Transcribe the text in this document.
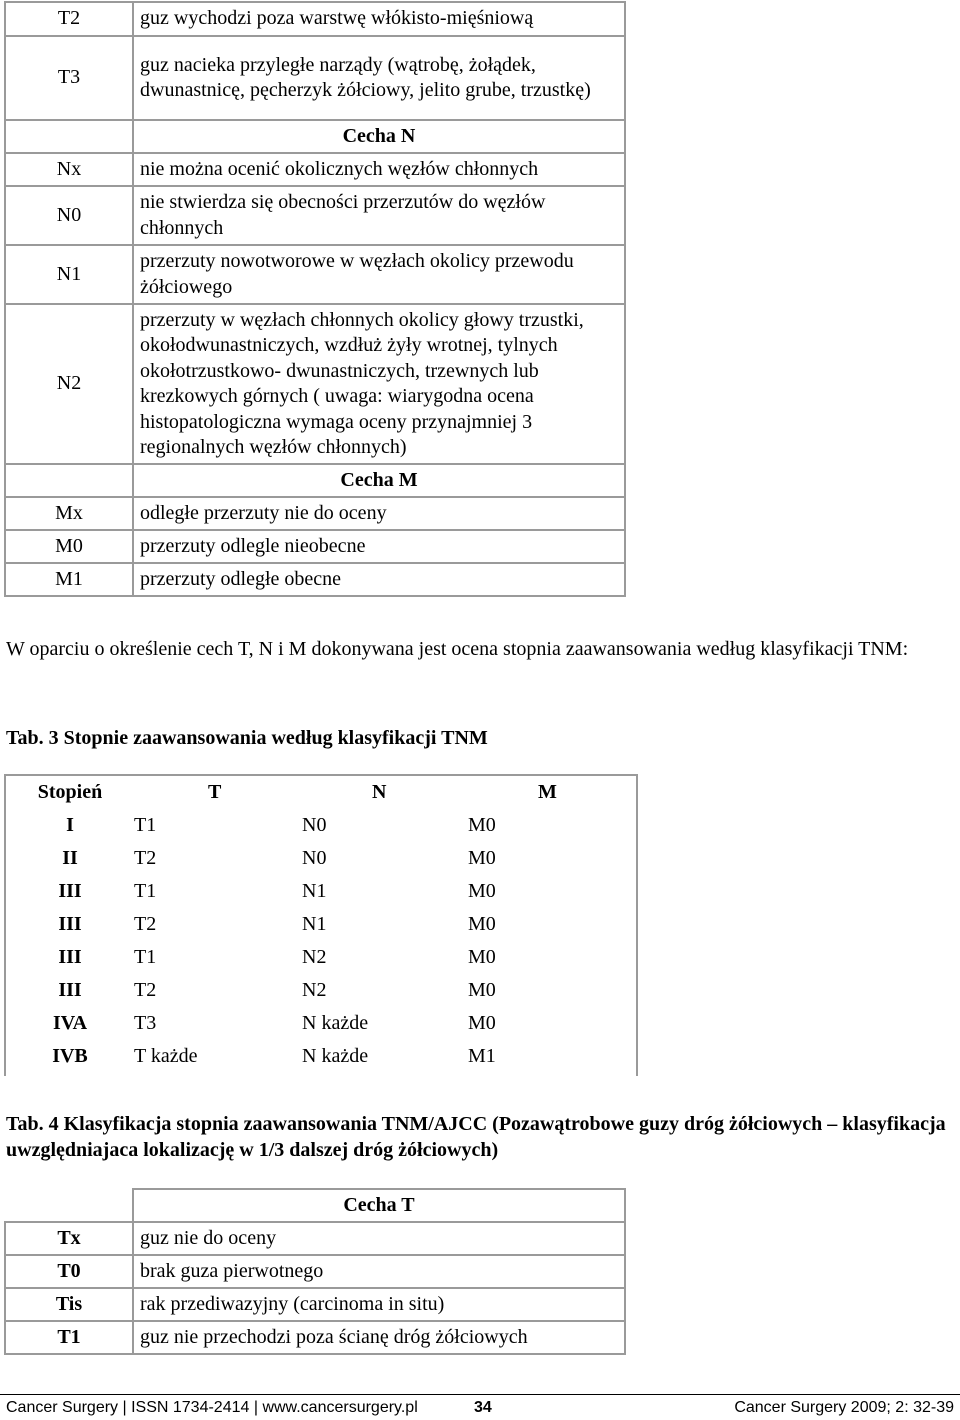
T2	guz wychodzi poza warstwę włókisto-mięśniową
T3	guz nacieka przyległe narządy (wątrobę, żołądek, dwunastnicę, pęcherzyk żółciowy, jelito grube, trzustkę)
	Cecha N
Nx	nie można ocenić okolicznych węzłów chłonnych
N0	nie stwierdza się obecności przerzutów do węzłów chłonnych
N1	przerzuty nowotworowe w węzłach okolicy przewodu żółciowego
N2	przerzuty w węzłach chłonnych okolicy głowy trzustki, okołodwunastniczych, wzdłuż żyły wrotnej, tylnych okołotrzustkowo- dwunastniczych, trzewnych lub krezkowych górnych ( uwaga: wiarygodna ocena histopatologiczna wymaga oceny przynajmniej 3 regionalnych węzłów chłonnych)
	Cecha M
Mx	odległe przerzuty nie do oceny
M0	przerzuty odlegle nieobecne
M1	przerzuty odległe obecne

W oparciu o określenie cech T, N i M dokonywana jest ocena stopnia zaawansowania według klasyfikacji TNM:

Tab. 3 Stopnie zaawansowania według klasyfikacji TNM

Stopień	T	N	M
I	T1	N0	M0
II	T2	N0	M0
III	T1	N1	M0
III	T2	N1	M0
III	T1	N2	M0
III	T2	N2	M0
IVA	T3	N każde	M0
IVB	T każde	N każde	M1

Tab. 4 Klasyfikacja stopnia zaawansowania TNM/AJCC (Pozawątrobowe guzy dróg żółciowych – klasyfikacja uwzględniajaca lokalizację w 1/3 dalszej dróg żółciowych)

	Cecha T
Tx	guz nie do oceny
T0	brak guza pierwotnego
Tis	rak przediwazyjny (carcinoma in situ)
T1	guz nie przechodzi poza ścianę dróg żółciowych
Cancer Surgery | ISSN 1734-2414 | www.cancersurgery.pl	34	Cancer Surgery 2009; 2: 32-39
